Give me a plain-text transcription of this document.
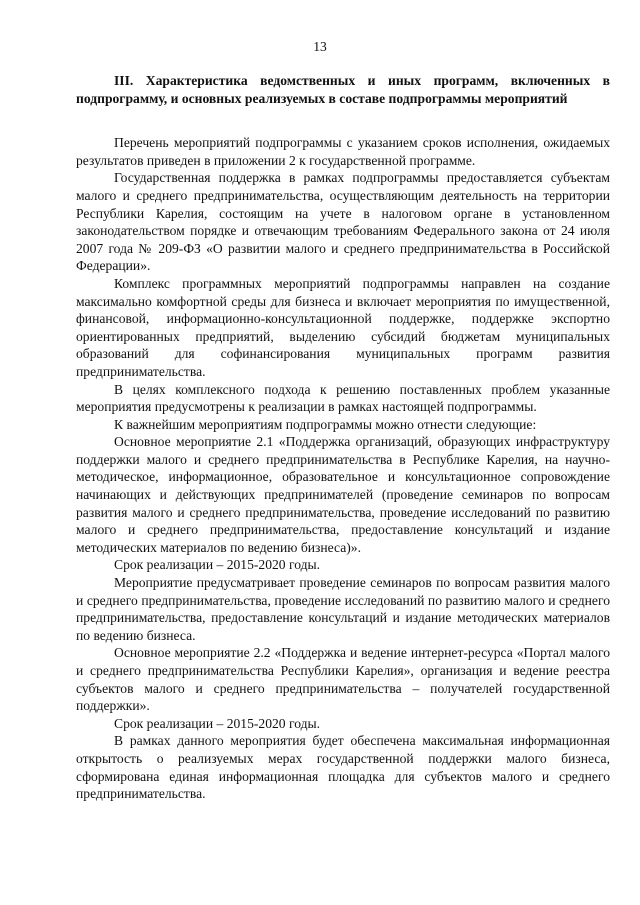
13

III. Характеристика ведомственных и иных программ, включенных в подпрограмму, и основных реализуемых в составе подпрограммы мероприятий

Перечень мероприятий подпрограммы с указанием сроков исполнения, ожидаемых результатов приведен в приложении 2 к государственной программе.

Государственная поддержка в рамках подпрограммы предоставляется субъектам малого и среднего предпринимательства, осуществляющим деятельность на территории Республики Карелия, состоящим на учете в налоговом органе в установленном законодательством порядке и отвечающим требованиям Федерального закона от 24 июля 2007 года № 209-ФЗ «О развитии малого и среднего предпринимательства в Российской Федерации».

Комплекс программных мероприятий подпрограммы направлен на создание максимально комфортной среды для бизнеса и включает мероприятия по имущественной, финансовой, информационно-консультационной поддержке, поддержке экспортно ориентированных предприятий, выделению субсидий бюджетам муниципальных образований для софинансирования муниципальных программ развития предпринимательства.

В целях комплексного подхода к решению поставленных проблем указанные мероприятия предусмотрены к реализации в рамках настоящей подпрограммы.

К важнейшим мероприятиям подпрограммы можно отнести следующие:

Основное мероприятие 2.1 «Поддержка организаций, образующих инфраструктуру поддержки малого и среднего предпринимательства в Республике Карелия, на научно-методическое, информационное, образовательное и консультационное сопровождение начинающих и действующих предпринимателей (проведение семинаров по вопросам развития малого и среднего предпринимательства, проведение исследований по развитию малого и среднего предпринимательства, предоставление консультаций и издание методических материалов по ведению бизнеса)».

Срок реализации – 2015-2020 годы.

Мероприятие предусматривает проведение семинаров по вопросам развития малого и среднего предпринимательства, проведение исследований по развитию малого и среднего предпринимательства, предоставление консультаций и издание методических материалов по ведению бизнеса.

Основное мероприятие 2.2 «Поддержка и ведение интернет-ресурса «Портал малого и среднего предпринимательства Республики Карелия», организация и ведение реестра субъектов малого и среднего предпринимательства – получателей государственной поддержки».

Срок реализации – 2015-2020 годы.

В рамках данного мероприятия будет обеспечена максимальная информационная открытость о реализуемых мерах государственной поддержки малого бизнеса, сформирована единая информационная площадка для субъектов малого и среднего предпринимательства.
